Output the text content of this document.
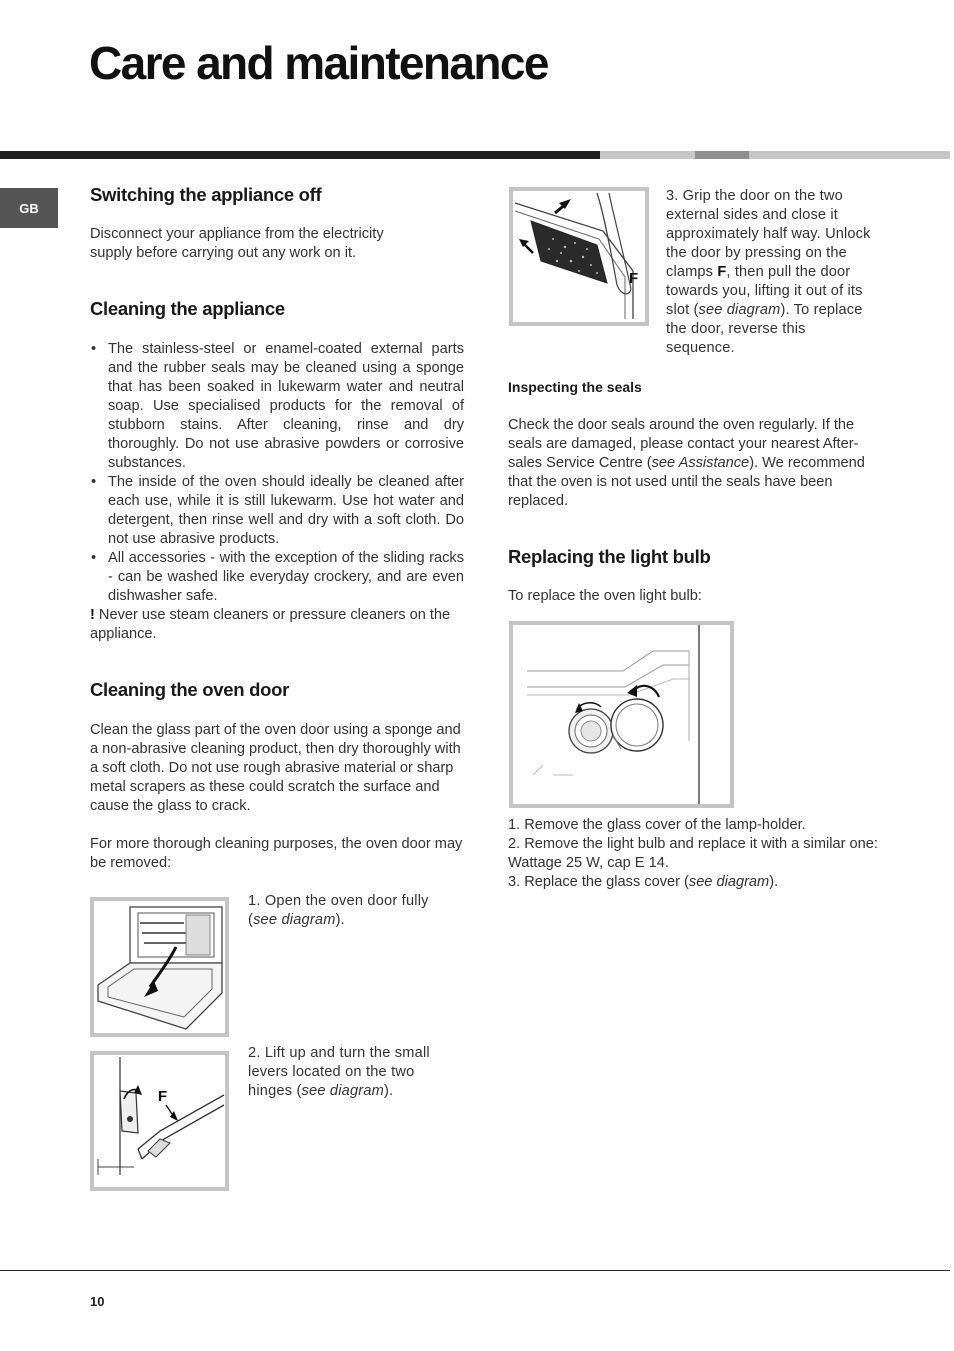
Care and maintenance
GB
Switching the appliance off

Disconnect your appliance from the electricity supply before carrying out any work on it.

Cleaning the appliance
• The stainless-steel or enamel-coated external parts and the rubber seals may be cleaned using a sponge that has been soaked in lukewarm water and neutral soap. Use specialised products for the removal of stubborn stains. After cleaning, rinse and dry thoroughly. Do not use abrasive powders or corrosive substances.
• The inside of the oven should ideally be cleaned after each use, while it is still lukewarm. Use hot water and detergent, then rinse well and dry with a soft cloth. Do not use abrasive products.
• All accessories - with the exception of the sliding racks - can be washed like everyday crockery, and are even dishwasher safe.

! Never use steam cleaners or pressure cleaners on the appliance.

Cleaning the oven door

Clean the glass part of the oven door using a sponge and a non-abrasive cleaning product, then dry thoroughly with a soft cloth. Do not use rough abrasive material or sharp metal scrapers as these could scratch the surface and cause the glass to crack.

For more thorough cleaning purposes, the oven door may be removed:

1. Open the oven door fully (see diagram).

F

2. Lift up and turn the small levers located on the two hinges (see diagram).

F

3. Grip the door on the two external sides and close it approximately half way. Unlock the door by pressing on the clamps F, then pull the door towards you, lifting it out of its slot (see diagram). To replace the door, reverse this sequence.

Inspecting the seals

Check the door seals around the oven regularly. If the seals are damaged, please contact your nearest After-sales Service Centre (see Assistance). We recommend that the oven is not used until the seals have been replaced.

Replacing the light bulb

To replace the oven light bulb:

1. Remove the glass cover of the lamp-holder.

2. Remove the light bulb and replace it with a similar one: Wattage 25 W, cap E 14.

3. Replace the glass cover (see diagram).

10
